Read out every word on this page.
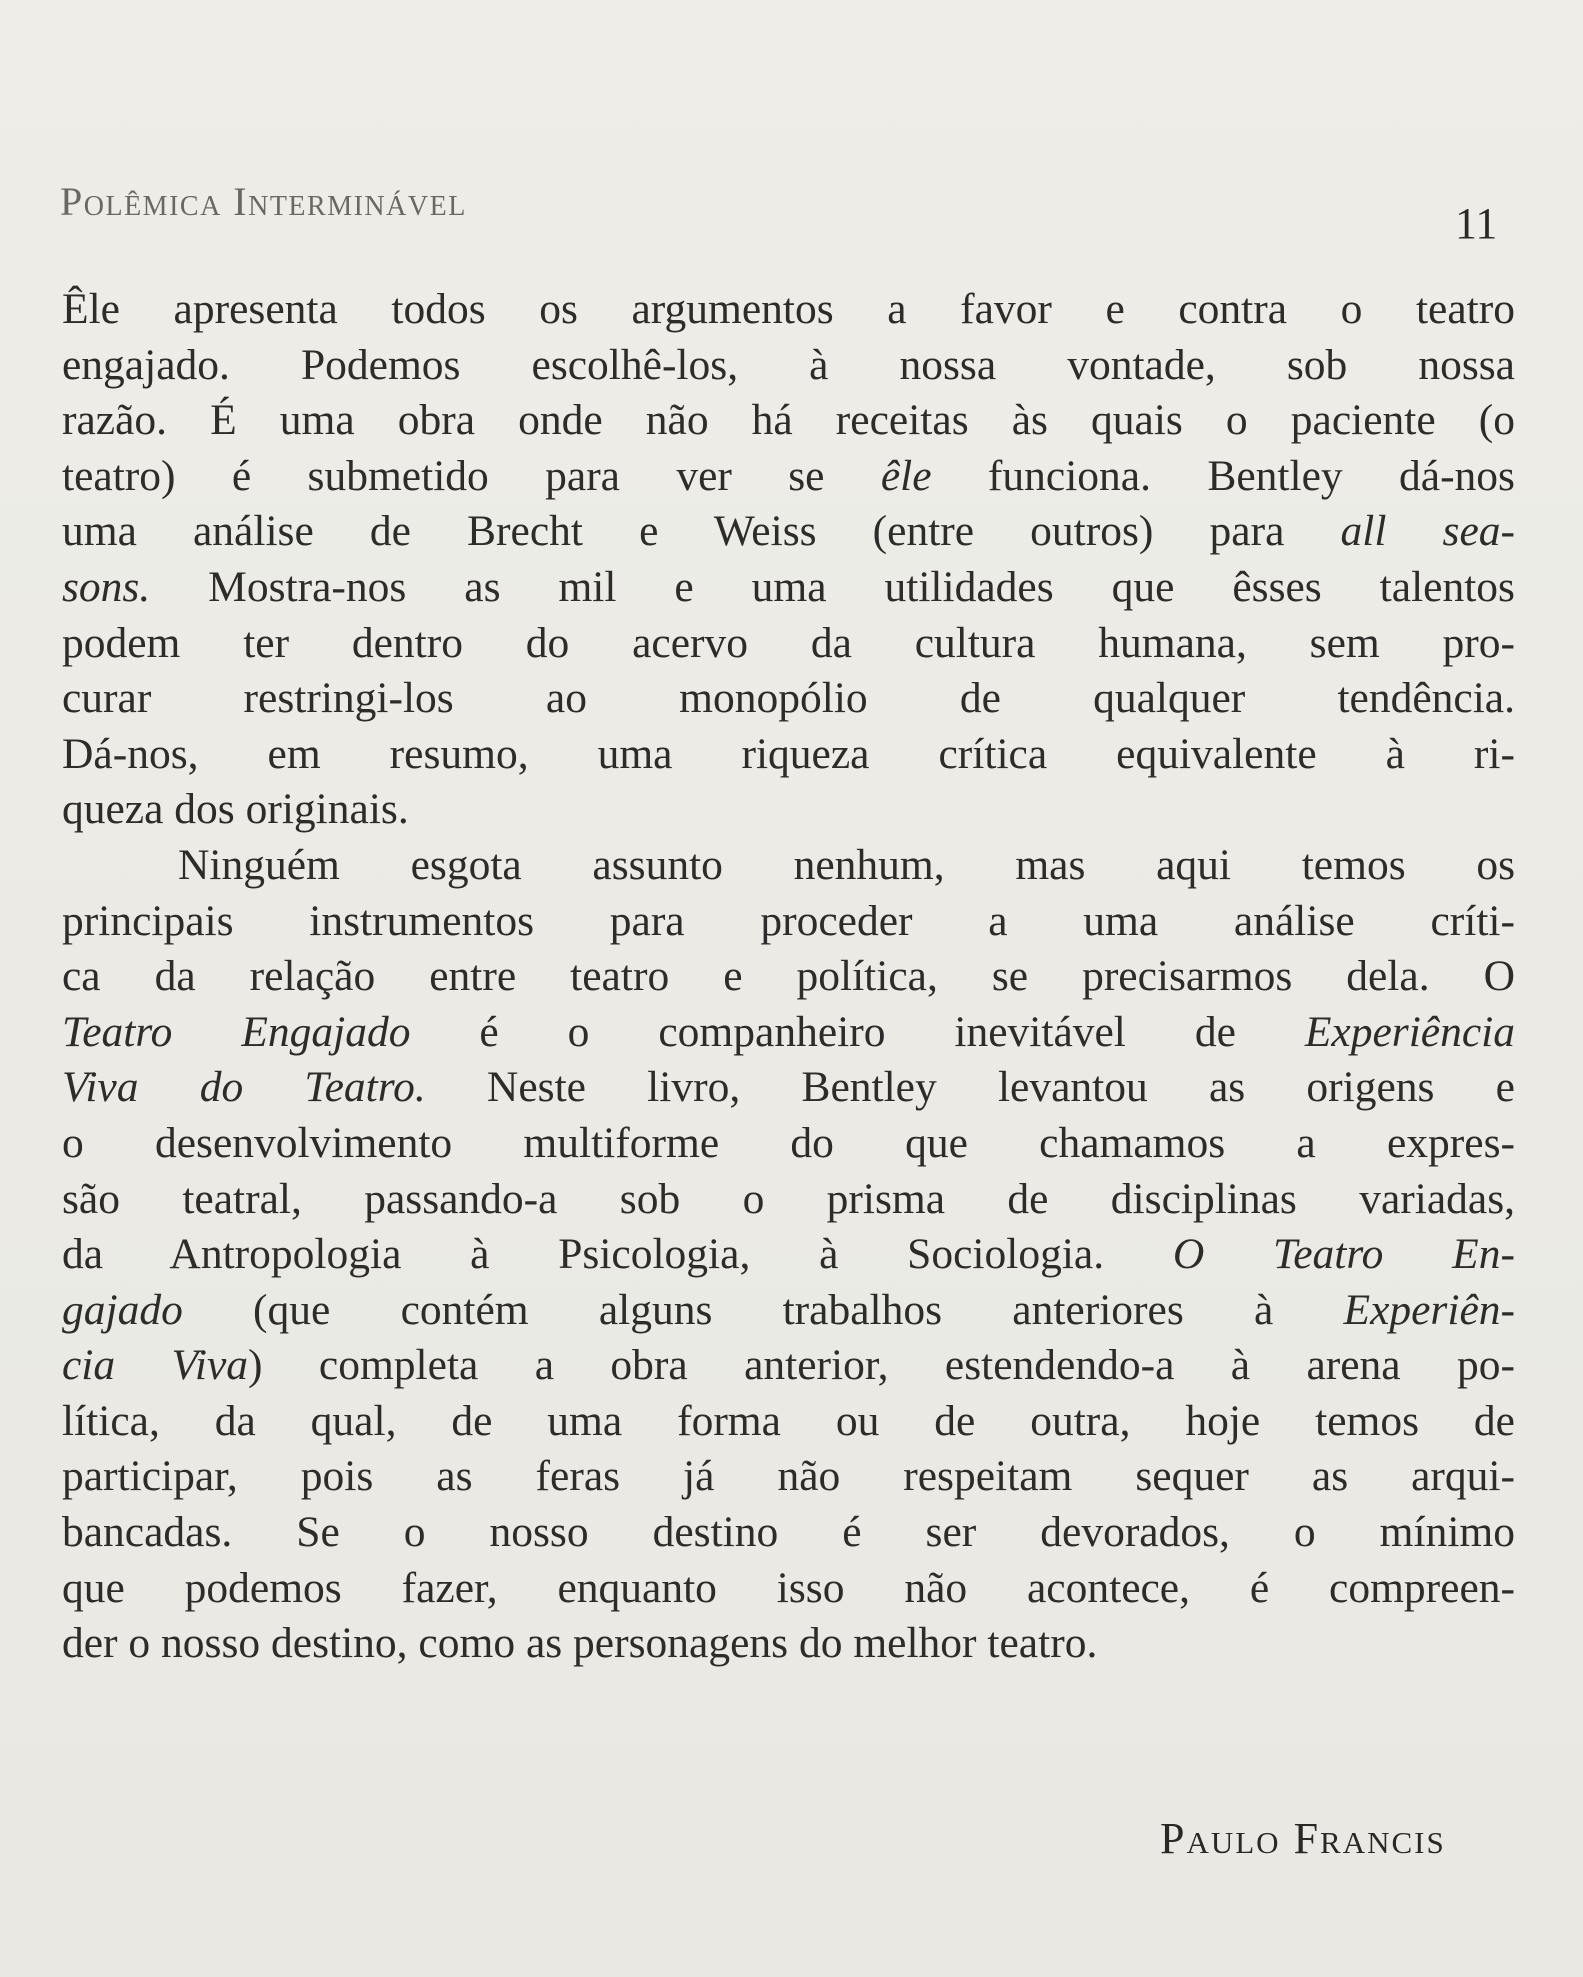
Polêmica Interminável	11
Êle apresenta todos os argumentos a favor e contra o teatro
engajado. Podemos escolhê-los, à nossa vontade, sob nossa
razão. É uma obra onde não há receitas às quais o paciente (o
teatro) é submetido para ver se êle funciona. Bentley dá-nos
uma análise de Brecht e Weiss (entre outros) para all sea-
sons. Mostra-nos as mil e uma utilidades que êsses talentos
podem ter dentro do acervo da cultura humana, sem pro-
curar restringi-los ao monopólio de qualquer tendência.
Dá-nos, em resumo, uma riqueza crítica equivalente à ri-
queza dos originais.
Ninguém esgota assunto nenhum, mas aqui temos os
principais instrumentos para proceder a uma análise críti-
ca da relação entre teatro e política, se precisarmos dela. O
Teatro Engajado é o companheiro inevitável de Experiência
Viva do Teatro. Neste livro, Bentley levantou as origens e
o desenvolvimento multiforme do que chamamos a expres-
são teatral, passando-a sob o prisma de disciplinas variadas,
da Antropologia à Psicologia, à Sociologia. O Teatro En-
gajado (que contém alguns trabalhos anteriores à Experiên-
cia Viva) completa a obra anterior, estendendo-a à arena po-
lítica, da qual, de uma forma ou de outra, hoje temos de
participar, pois as feras já não respeitam sequer as arqui-
bancadas. Se o nosso destino é ser devorados, o mínimo
que podemos fazer, enquanto isso não acontece, é compreen-
der o nosso destino, como as personagens do melhor teatro.
Paulo Francis
